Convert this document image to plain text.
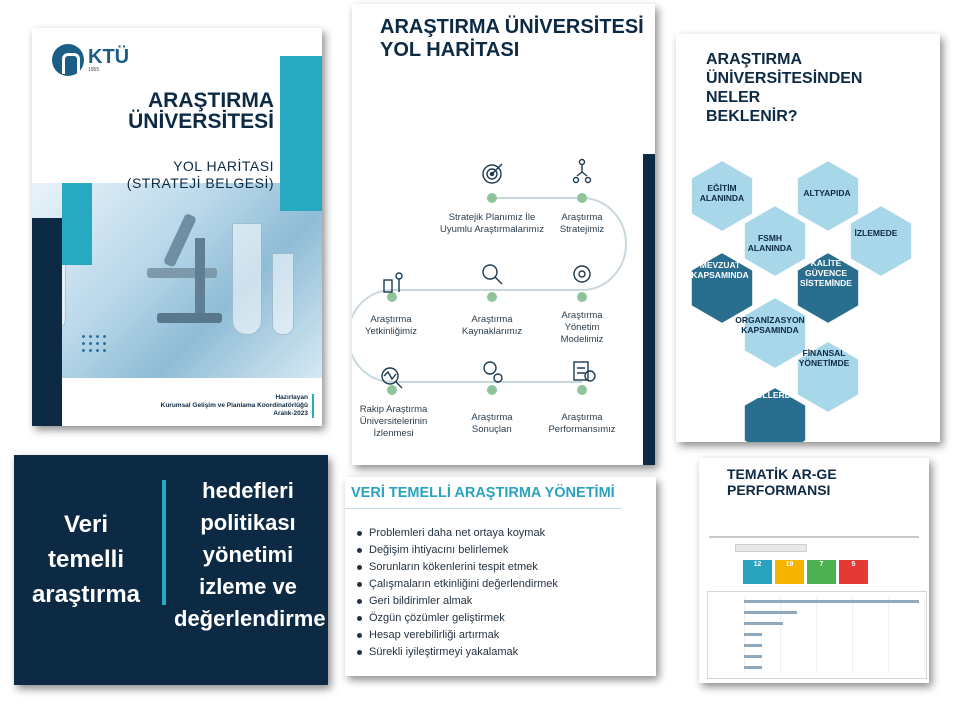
KTÜ
1955
ARAŞTIRMA
ÜNİVERSİTESİ
YOL HARİTASI
(STRATEJİ BELGESİ)
Hazırlayan
Kurumsal Gelişim ve Planlama Koordinatörlüğü
Aralık-2023
ARAŞTIRMA ÜNİVERSİTESİ
YOL HARİTASI
Stratejik Planımız İle Uyumlu Araştırmalarımız
Araştırma Stratejimiz
Araştırma Yönetim Modelimiz
Araştırma Kaynaklarımız
Araştırma Yetkinliğimiz
Rakip Araştırma Üniversitelerinin İzlenmesi
Araştırma Sonuçları
Araştırma Performansımız
ARAŞTIRMA
ÜNİVERSİTESİNDEN
NELER
BEKLENİR?
EĞİTİM ALANINDA	ALTYAPIDA
FSMH ALANINDA
İZLEMEDE
MEVZUAT KAPSAMINDA
KALİTE GÜVENCE SİSTEMİNDE
ORGANİZASYON KAPSAMINDA
FİNANSAL YÖNETİMDE
TEŞVİK VE ÖDÜLLERDE
Veri temelli araştırma
hedefleri politikası yönetimi izleme ve değerlendirme
VERİ TEMELLİ ARAŞTIRMA YÖNETİMİ
Problemleri daha net ortaya koymak
Değişim ihtiyacını belirlemek
Sorunların kökenlerini tespit etmek
Çalışmaların etkinliğini değerlendirmek
Geri bildirimler almak
Özgün çözümler geliştirmek
Hesap verebilirliği artırmak
Sürekli iyileştirmeyi yakalamak
TEMATİK AR-GE
PERFORMANSI
12	19	7	5
